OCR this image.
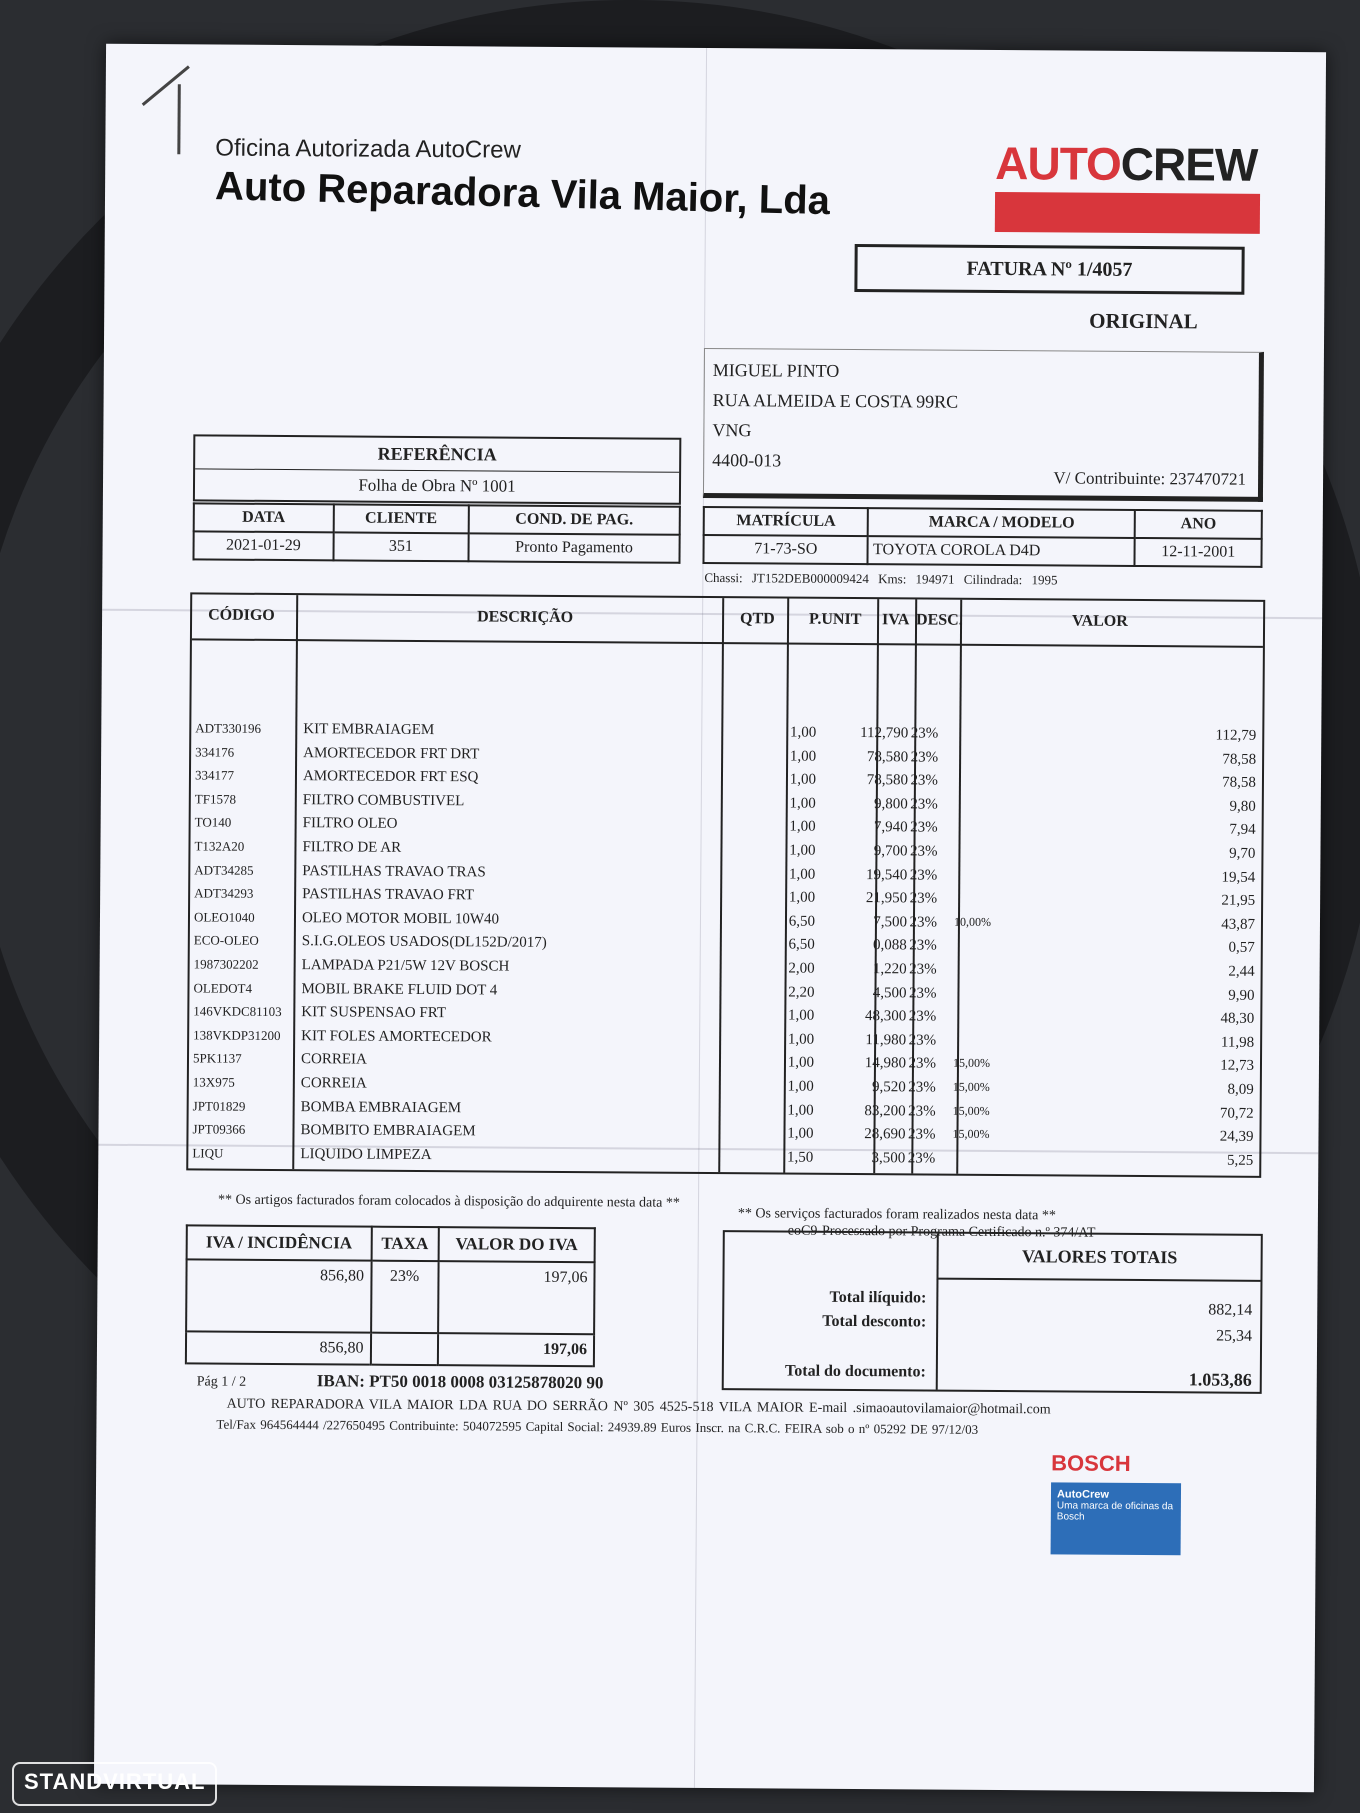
Oficina Autorizada AutoCrew
Auto Reparadora Vila Maior, Lda
AUTOCREW
FATURA Nº 1/4057
ORIGINAL
MIGUEL PINTO
RUA ALMEIDA E COSTA 99RC
VNG
4400-013
V/ Contribuinte: 237470721
REFERÊNCIA
Folha de Obra Nº 1001
DATA	CLIENTE	COND. DE PAG.
2021-01-29	351	Pronto Pagamento
MATRÍCULA	MARCA / MODELO	ANO
71-73-SO	TOYOTA COROLA D4D	12-11-2001
Chassi: JT152DEB000009424 Kms: 194971 Cilindrada: 1995
CÓDIGO	DESCRIÇÃO	QTD P.UNIT IVA DESC.	VALOR
ADT330196	KIT EMBRAIAGEM	1,00	112,790 23%	112,79
334176	AMORTECEDOR FRT DRT	1,00	78,580 23%	78,58
334177	AMORTECEDOR FRT ESQ	1,00	78,580 23%	78,58
TF1578	FILTRO COMBUSTIVEL	1,00	9,800 23%	9,80
TO140	FILTRO OLEO	1,00	7,940 23%	7,94
T132A20	FILTRO DE AR	1,00	9,700 23%	9,70
ADT34285	PASTILHAS TRAVAO TRAS	1,00	19,540 23%	19,54
ADT34293	PASTILHAS TRAVAO FRT	1,00	21,950 23%	21,95
OLEO1040	OLEO MOTOR MOBIL 10W40	6,50	7,500 23%	10,00%	43,87
ECO-OLEO	S.I.G.OLEOS USADOS(DL152D/2017)	6,50	0,088 23%	0,57
1987302202	LAMPADA P21/5W 12V BOSCH	2,00	1,220 23%	2,44
OLEDOT4	MOBIL BRAKE FLUID DOT 4	2,20	4,500 23%	9,90
146VKDC81103 KIT SUSPENSAO FRT	1,00	48,300 23%	48,30
138VKDP31200 KIT FOLES AMORTECEDOR	1,00	11,980 23%	11,98
5PK1137	CORREIA	1,00	14,980 23%	15,00%	12,73
13X975	CORREIA	1,00	9,520 23%	15,00%	8,09
JPT01829	BOMBA EMBRAIAGEM	1,00	83,200 23%	15,00%	70,72
JPT09366	BOMBITO EMBRAIAGEM	1,00	28,690 23%	15,00%	24,39
LIQU	LIQUIDO LIMPEZA	1,50	3,500 23%	5,25
** Os artigos facturados foram colocados à disposição do adquirente nesta data **
** Os serviços facturados foram realizados nesta data **
eoC9-Processado por Programa Certificado n.º 374/AT
IVA / INCIDÊNCIA	TAXA	VALOR DO IVA
856,80	23%	197,06
856,80		197,06
VALORES TOTAIS
Total ilíquido:
882,14
Total desconto:
25,34
Total do documento:	1.053,86
Pág 1 / 2	IBAN: PT50 0018 0008 03125878020 90
AUTO REPARADORA VILA MAIOR LDA RUA DO SERRÃO Nº 305 4525-518 VILA MAIOR E-mail .simaoautovilamaior@hotmail.com
Tel/Fax 964564444 /227650495 Contribuinte: 504072595 Capital Social: 24939.89 Euros Inscr. na C.R.C. FEIRA sob o nº 05292 DE 97/12/03
BOSCH
AutoCrew
Uma marca de oficinas da Bosch
STANDVIRTUAL
